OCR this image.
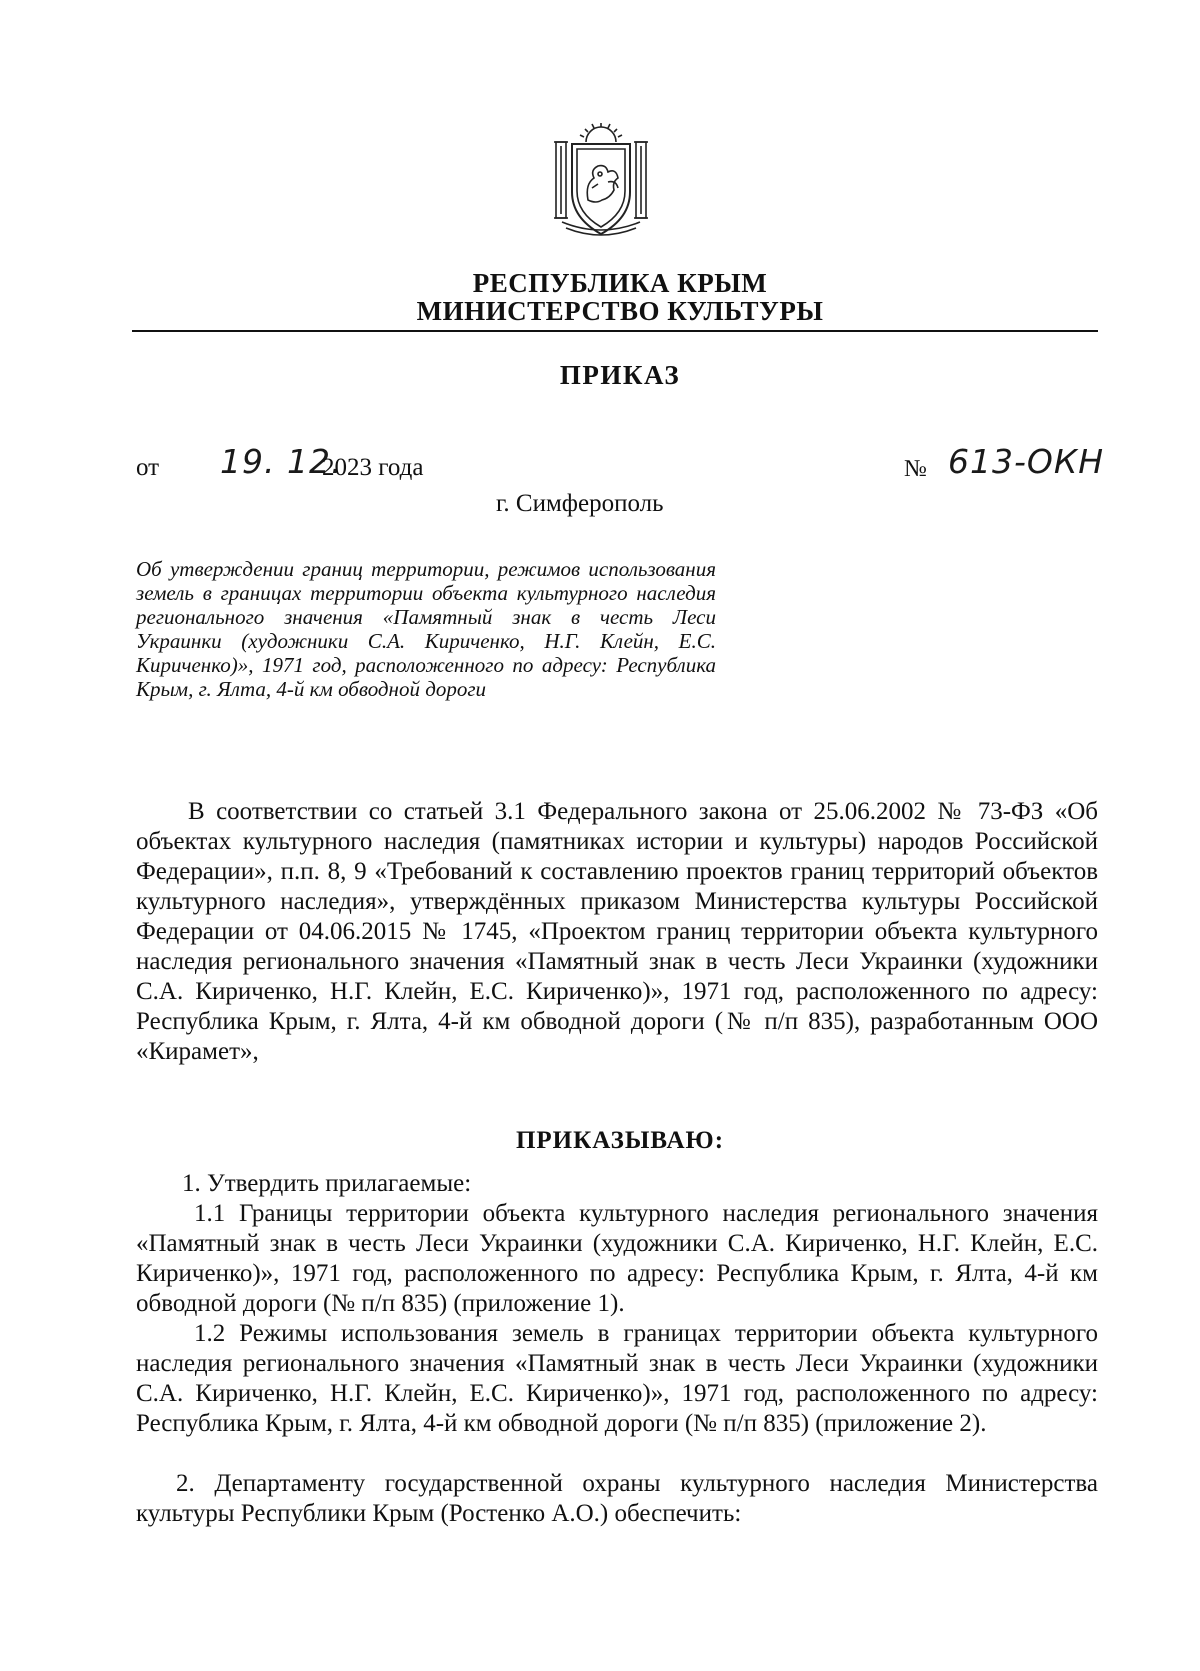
РЕСПУБЛИКА КРЫМ
МИНИСТЕРСТВО КУЛЬТУРЫ
ПРИКАЗ
от 19. 12.
2023 года	№ 613-ОКН
г. Симферополь
Об утверждении границ территории, режимов использования земель в границах территории объекта культурного наследия регионального значения «Памятный знак в честь Леси Украинки (художники С.А. Кириченко, Н.Г. Клейн, Е.С. Кириченко)», 1971 год, расположенного по адресу: Республика Крым, г. Ялта, 4-й км обводной дороги
В соответствии со статьей 3.1 Федерального закона от 25.06.2002 № 73-ФЗ «Об объектах культурного наследия (памятниках истории и культуры) народов Российской Федерации», п.п. 8, 9 «Требований к составлению проектов границ территорий объектов культурного наследия», утверждённых приказом Министерства культуры Российской Федерации от 04.06.2015 № 1745, «Проектом границ территории объекта культурного наследия регионального значения «Памятный знак в честь Леси Украинки (художники С.А. Кириченко, Н.Г. Клейн, Е.С. Кириченко)», 1971 год, расположенного по адресу: Республика Крым, г. Ялта, 4-й км обводной дороги (№ п/п 835), разработанным ООО «Кирамет»,
ПРИКАЗЫВАЮ:
1. Утвердить прилагаемые:
1.1 Границы территории объекта культурного наследия регионального значения «Памятный знак в честь Леси Украинки (художники С.А. Кириченко, Н.Г. Клейн, Е.С. Кириченко)», 1971 год, расположенного по адресу: Республика Крым, г. Ялта, 4-й км обводной дороги (№ п/п 835) (приложение 1).
1.2 Режимы использования земель в границах территории объекта культурного наследия регионального значения «Памятный знак в честь Леси Украинки (художники С.А. Кириченко, Н.Г. Клейн, Е.С. Кириченко)», 1971 год, расположенного по адресу: Республика Крым, г. Ялта, 4-й км обводной дороги (№ п/п 835) (приложение 2).
2. Департаменту государственной охраны культурного наследия Министерства культуры Республики Крым (Ростенко А.О.) обеспечить:
